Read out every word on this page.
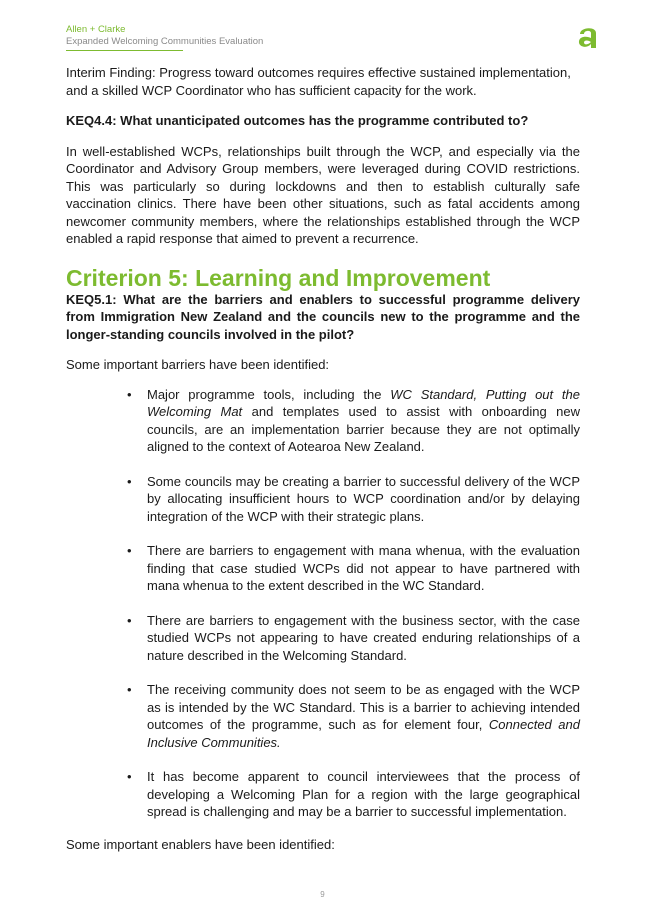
Allen + Clarke
Expanded Welcoming Communities Evaluation

Interim Finding: Progress toward outcomes requires effective sustained implementation, and a skilled WCP Coordinator who has sufficient capacity for the work.

KEQ4.4: What unanticipated outcomes has the programme contributed to?

In well-established WCPs, relationships built through the WCP, and especially via the Coordinator and Advisory Group members, were leveraged during COVID restrictions. This was particularly so during lockdowns and then to establish culturally safe vaccination clinics. There have been other situations, such as fatal accidents among newcomer community members, where the relationships established through the WCP enabled a rapid response that aimed to prevent a recurrence.

Criterion 5: Learning and Improvement

KEQ5.1: What are the barriers and enablers to successful programme delivery from Immigration New Zealand and the councils new to the programme and the longer-standing councils involved in the pilot?

Some important barriers have been identified:

• Major programme tools, including the WC Standard, Putting out the Welcoming Mat and templates used to assist with onboarding new councils, are an implementation barrier because they are not optimally aligned to the context of Aotearoa New Zealand.
• Some councils may be creating a barrier to successful delivery of the WCP by allocating insufficient hours to WCP coordination and/or by delaying integration of the WCP with their strategic plans.
• There are barriers to engagement with mana whenua, with the evaluation finding that case studied WCPs did not appear to have partnered with mana whenua to the extent described in the WC Standard.
• There are barriers to engagement with the business sector, with the case studied WCPs not appearing to have created enduring relationships of a nature described in the Welcoming Standard.
• The receiving community does not seem to be as engaged with the WCP as is intended by the WC Standard. This is a barrier to achieving intended outcomes of the programme, such as for element four, Connected and Inclusive Communities.
• It has become apparent to council interviewees that the process of developing a Welcoming Plan for a region with the large geographical spread is challenging and may be a barrier to successful implementation.

Some important enablers have been identified:

9
